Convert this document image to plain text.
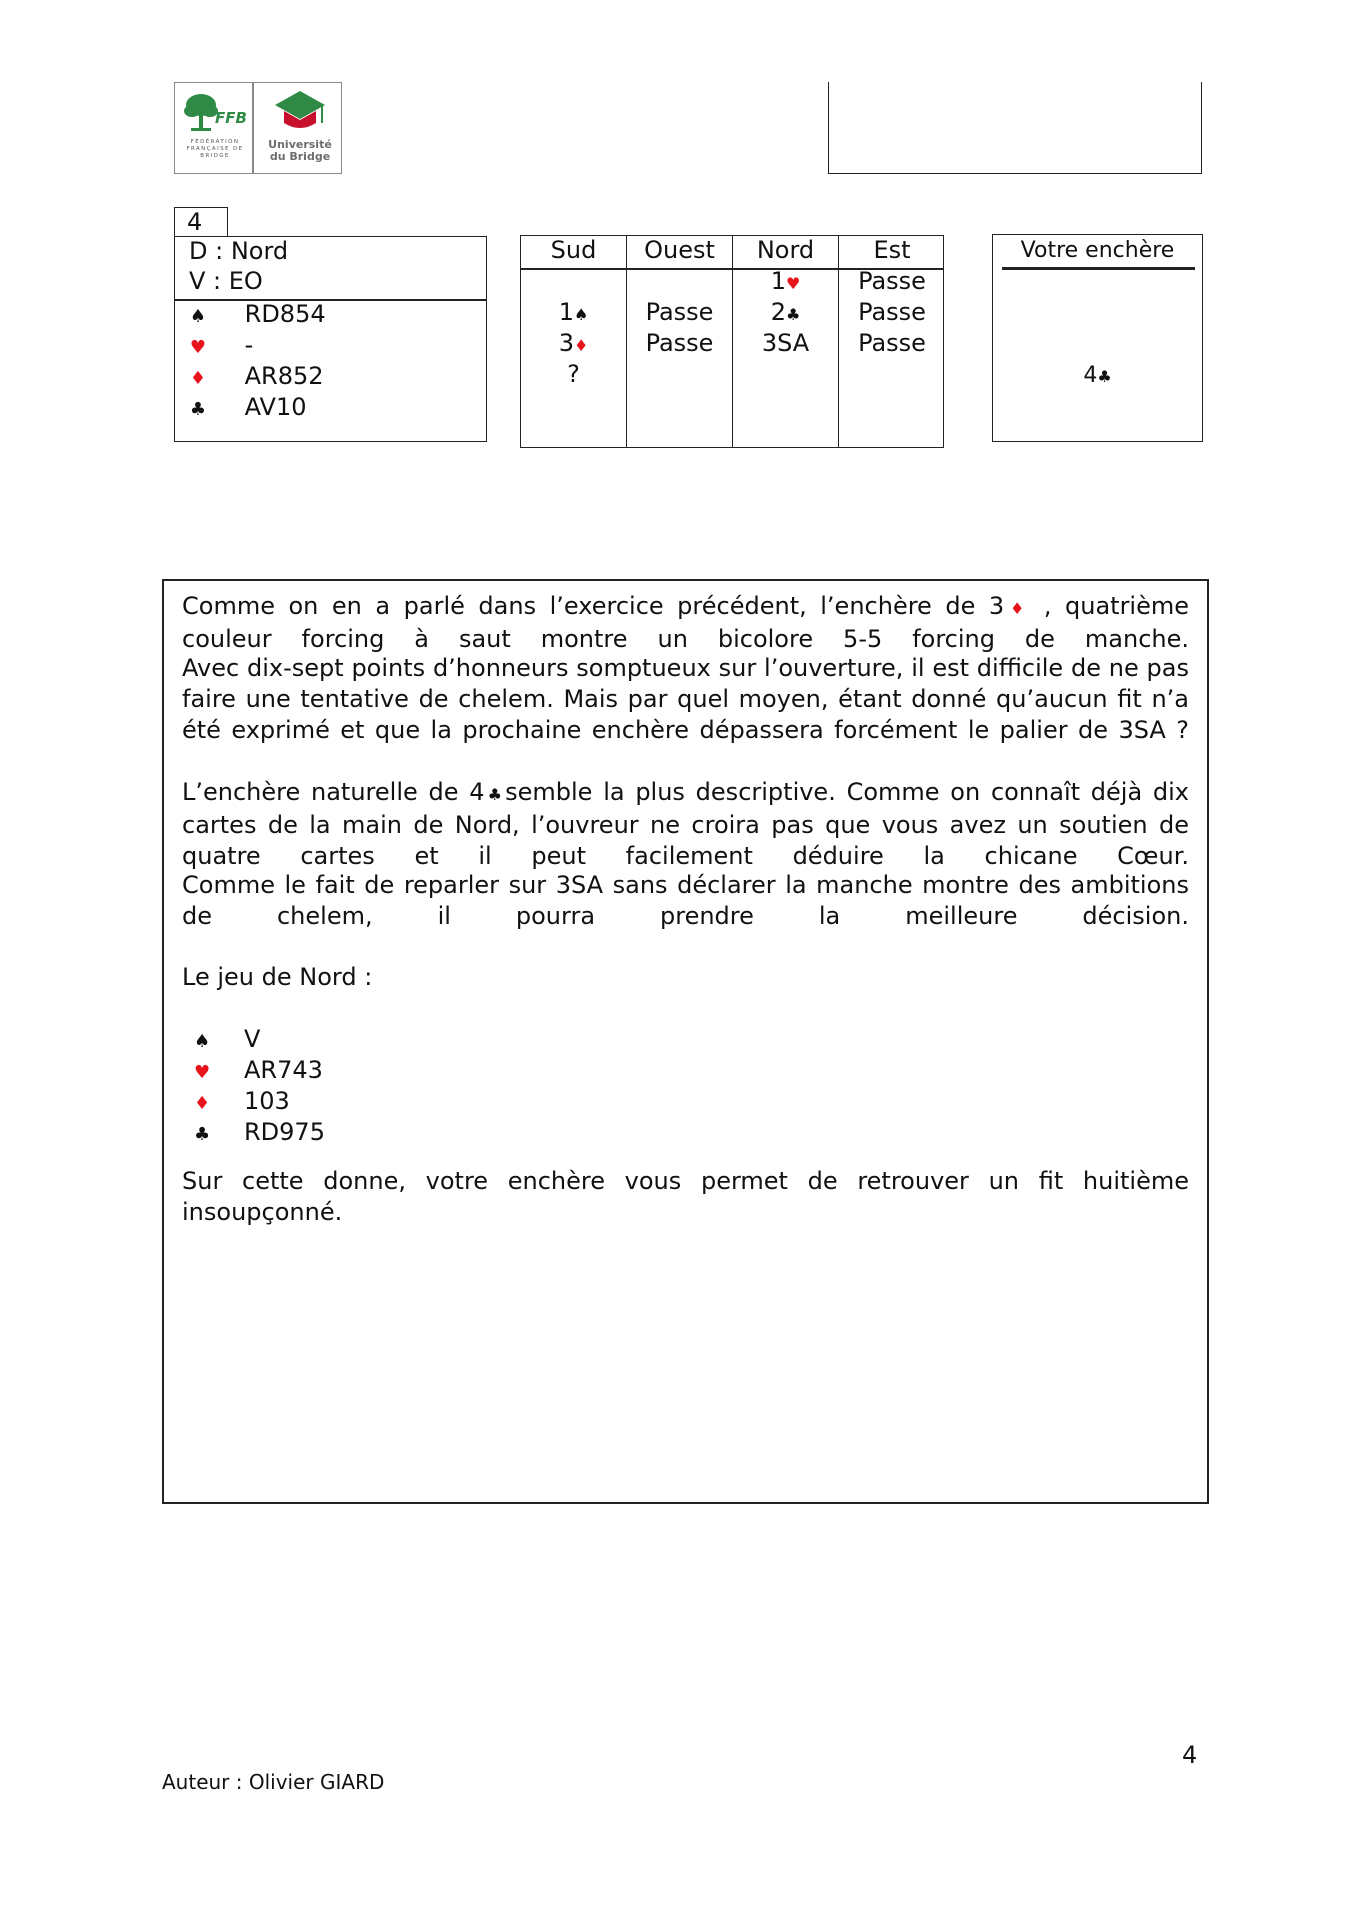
FFB
FÉDÉRATION FRANÇAISE DE BRIDGE
Université
du Bridge
4
D : Nord
V : EO
♠ RD854
♥ -
♦ AR852
♣ AV10
Sud
1♠
3♦
?
Ouest
Passe
Passe
Nord
1♥
2♣
3SA
Est
Passe
Passe
Passe
Votre enchère
4♣
Comme on en a parlé dans l’exercice précédent, l’enchère de 3♦ , quatrième couleur forcing à saut montre un bicolore 5-5 forcing de manche.
Avec dix-sept points d’honneurs somptueux sur l’ouverture, il est difficile de ne pas faire une tentative de chelem. Mais par quel moyen, étant donné qu’aucun fit n’a été exprimé et que la prochaine enchère dépassera forcément le palier de 3SA ?
L’enchère naturelle de 4♣semble la plus descriptive. Comme on connaît déjà dix cartes de la main de Nord, l’ouvreur ne croira pas que vous avez un soutien de quatre cartes et il peut facilement déduire la chicane Cœur.
Comme le fait de reparler sur 3SA sans déclarer la manche montre des ambitions de chelem, il pourra prendre la meilleure décision.
Le jeu de Nord :
♠ V
♥ AR743
♦ 103
♣ RD975
Sur cette donne, votre enchère vous permet de retrouver un fit huitième insoupçonné.
4
Auteur : Olivier GIARD
